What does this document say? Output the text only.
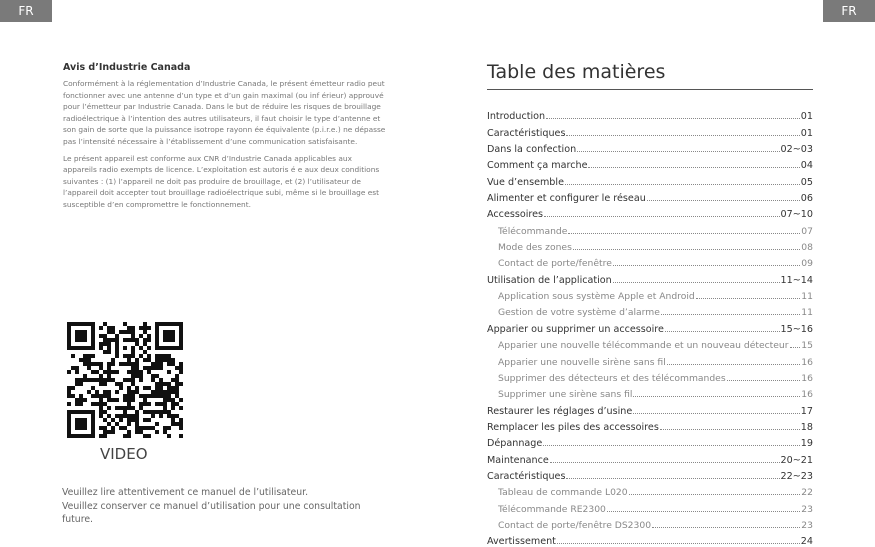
FR	FR

Avis d’Industrie Canada

Conformément à la réglementation d’Industrie Canada, le présent émetteur radio peut fonctionner avec une antenne d’un type et d’un gain maximal (ou inf érieur) approuvé pour l’émetteur par Industrie Canada. Dans le but de réduire les risques de brouillage radioélectrique à l’intention des autres utilisateurs, il faut choisir le type d’antenne et son gain de sorte que la puissance isotrope rayonn ée équivalente (p.i.r.e.) ne dépasse pas l’intensité nécessaire à l’établissement d’une communication satisfaisante.

Le présent appareil est conforme aux CNR d’Industrie Canada applicables aux appareils radio exempts de licence. L’exploitation est autoris é e aux deux conditions suivantes : (1) l’appareil ne doit pas produire de brouillage, et (2) l’utilisateur de l’appareil doit accepter tout brouillage radioélectrique subi, même si le brouillage est susceptible d’en compromettre le fonctionnement.

VIDEO
Veuillez lire attentivement ce manuel de l’utilisateur.
Veuillez conserver ce manuel d’utilisation pour une consultation future.
Table des matières
Introduction	01
Caractéristiques	01
Dans la confection	02~03
Comment ça marche	04
Vue d’ensemble	05
Alimenter et configurer le réseau	06
Accessoires	07~10
Télécommande	07
Mode des zones	08
Contact de porte/fenêtre	09
Utilisation de l’application	11~14
Application sous système Apple et Android	11
Gestion de votre système d’alarme	11
Apparier ou supprimer un accessoire	15~16
Apparier une nouvelle télécommande et un nouveau détecteur 15
Apparier une nouvelle sirène sans fil	16
Supprimer des détecteurs et des télécommandes	16
Supprimer une sirène sans fil	16
Restaurer les réglages d’usine	17
Remplacer les piles des accessoires	18
Dépannage	19
Maintenance	20~21
Caractéristiques	22~23
Tableau de commande L020	22
Télécommande RE2300	23
Contact de porte/fenêtre DS2300	23
Avertissement	24
